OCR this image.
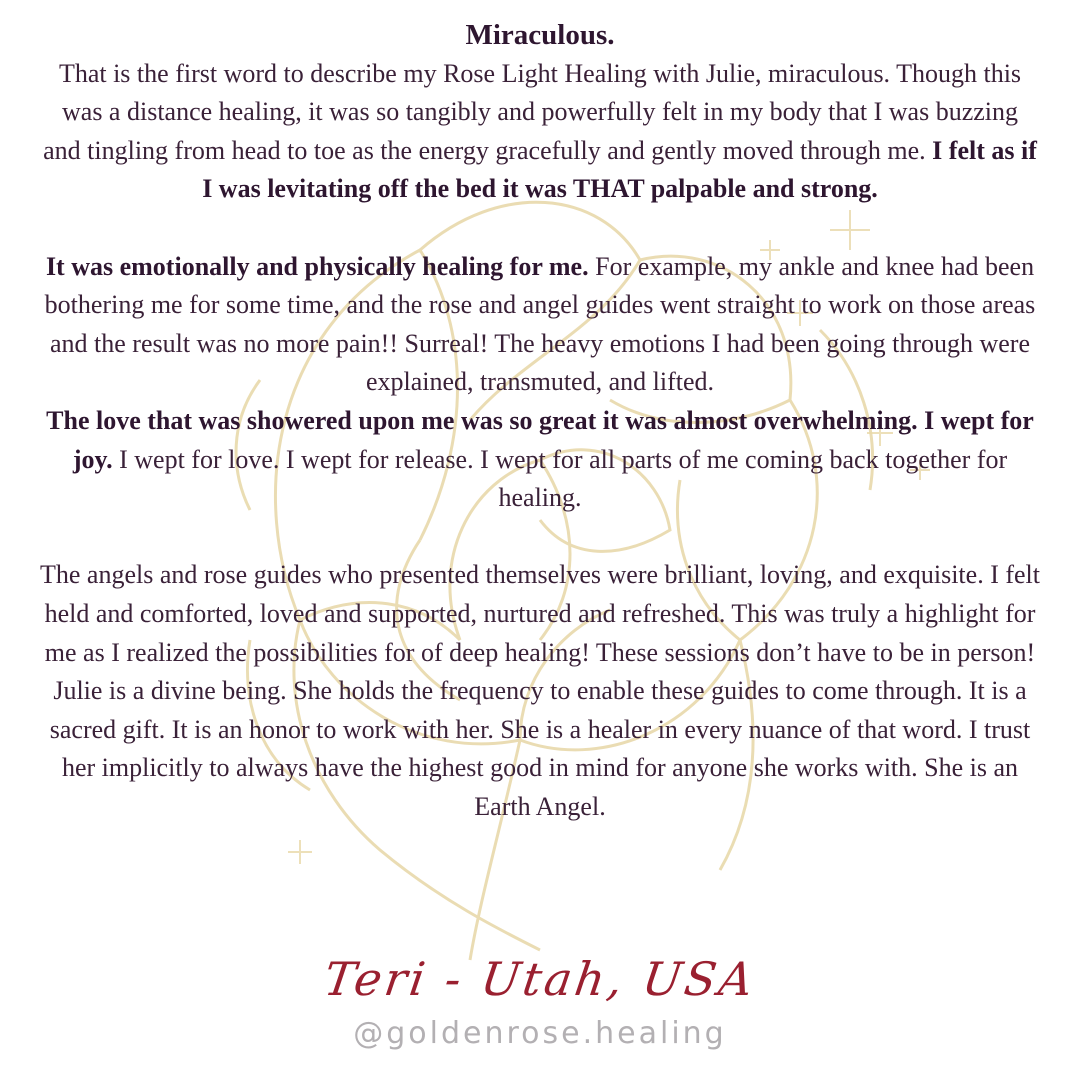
Miraculous.

That is the first word to describe my Rose Light Healing with Julie, miraculous. Though this was a distance healing, it was so tangibly and powerfully felt in my body that I was buzzing and tingling from head to toe as the energy gracefully and gently moved through me. I felt as if I was levitating off the bed it was THAT palpable and strong.

It was emotionally and physically healing for me. For example, my ankle and knee had been bothering me for some time, and the rose and angel guides went straight to work on those areas and the result was no more pain!! Surreal! The heavy emotions I had been going through were explained, transmuted, and lifted.

The love that was showered upon me was so great it was almost overwhelming. I wept for joy. I wept for love. I wept for release. I wept for all parts of me coming back together for healing.

The angels and rose guides who presented themselves were brilliant, loving, and exquisite. I felt held and comforted, loved and supported, nurtured and refreshed. This was truly a highlight for me as I realized the possibilities for of deep healing! These sessions don’t have to be in person!

Julie is a divine being. She holds the frequency to enable these guides to come through. It is a sacred gift. It is an honor to work with her. She is a healer in every nuance of that word. I trust her implicitly to always have the highest good in mind for anyone she works with. She is an Earth Angel.

Teri - Utah, USA
@goldenrose.healing
